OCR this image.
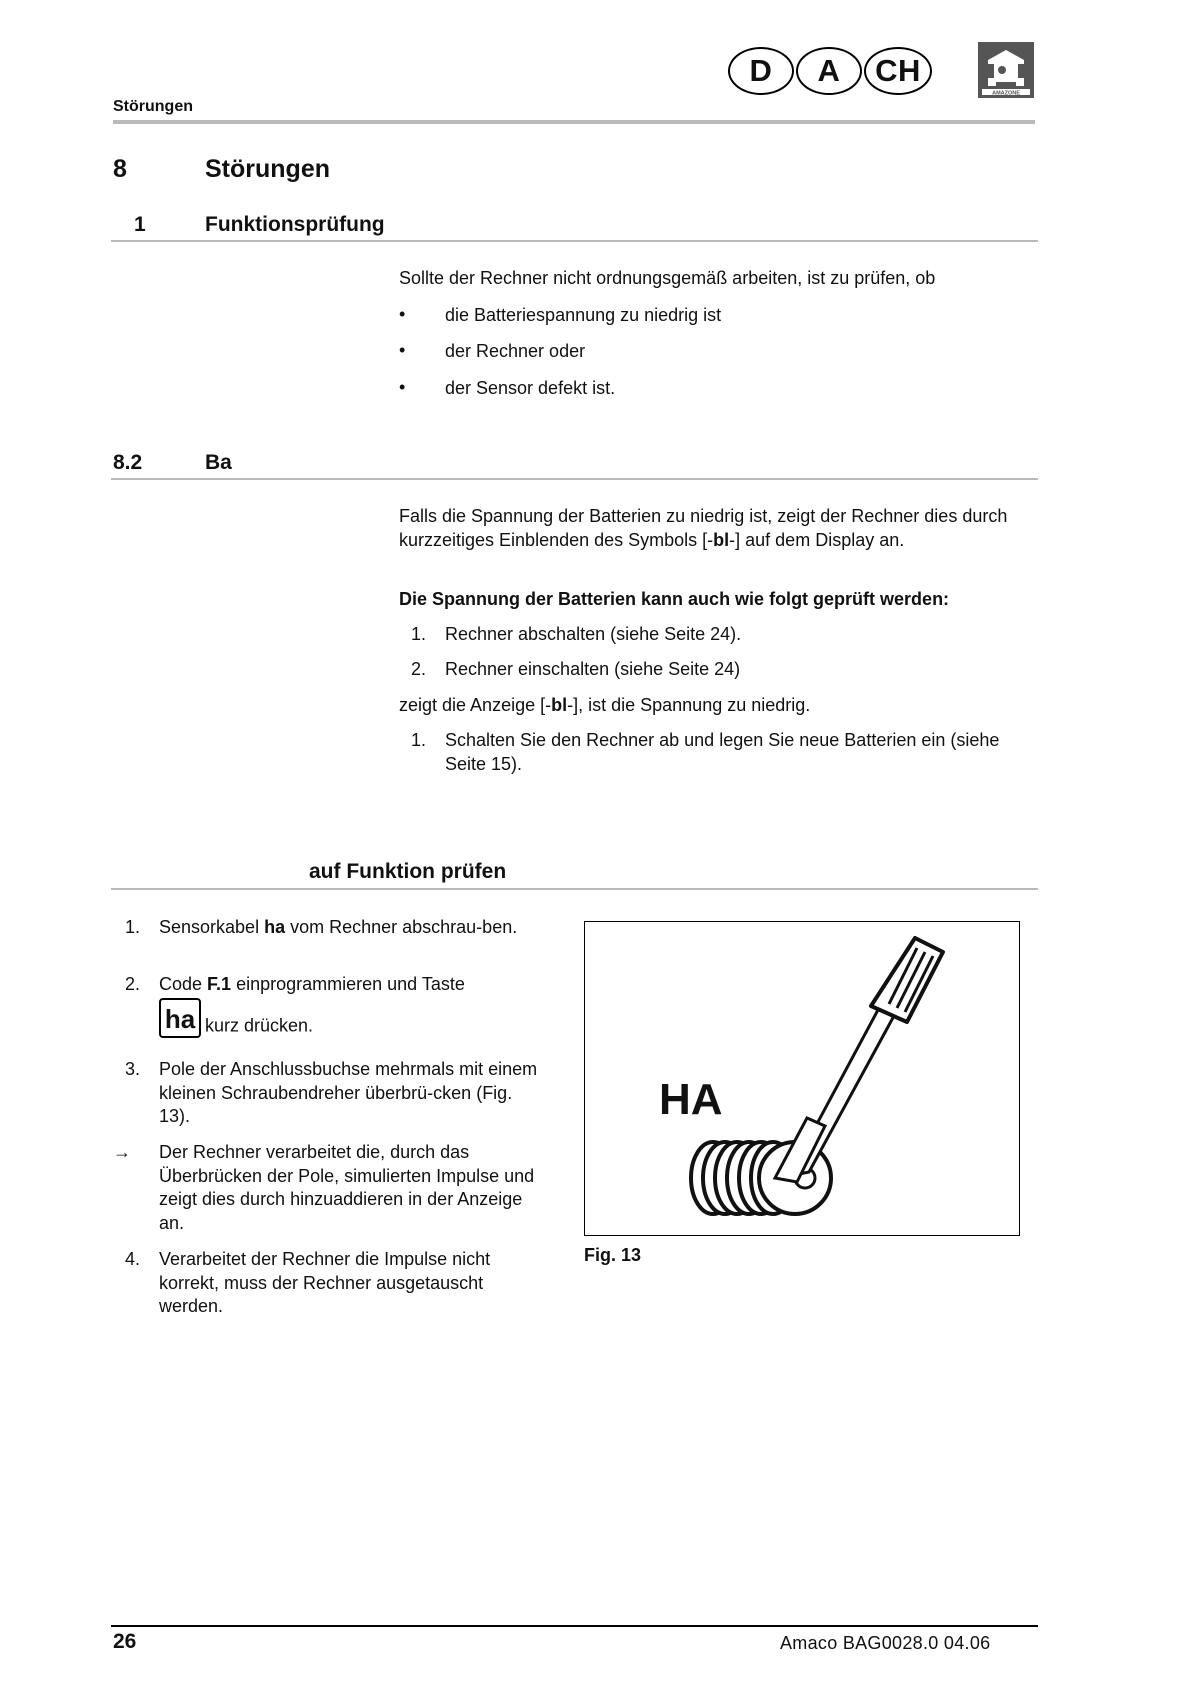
Störungen
D	A	CH
AMAZONE
8	Störungen
1	Funktionsprüfung
Sollte der Rechner nicht ordnungsgemäß arbeiten, ist zu prüfen, ob
• die Batteriespannung zu niedrig ist
• der Rechner oder
• der Sensor defekt ist.
8.2	Ba
Falls die Spannung der Batterien zu niedrig ist, zeigt der Rechner dies durch kurzzeitiges Einblenden des Symbols [-bl-] auf dem Display an.
Die Spannung der Batterien kann auch wie folgt geprüft werden:
1. Rechner abschalten (siehe Seite 24).
2. Rechner einschalten (siehe Seite 24)
zeigt die Anzeige [-bl-], ist die Spannung zu niedrig.
1. Schalten Sie den Rechner ab und legen Sie neue Batterien ein (siehe Seite 15).
auf Funktion prüfen
1. Sensorkabel ha vom Rechner abschrau-ben.
2. Code F.1 einprogrammieren und Taste
ha kurz drücken.
3. Pole der Anschlussbuchse mehrmals mit einem kleinen Schraubendreher überbrü-cken (Fig. 13).
→ Der Rechner verarbeitet die, durch das Überbrücken der Pole, simulierten Impulse und zeigt dies durch hinzuaddieren in der Anzeige an.
4. Verarbeitet der Rechner die Impulse nicht korrekt, muss der Rechner ausgetauscht werden.
HA
Fig. 13
26	Amaco BAG0028.0 04.06
